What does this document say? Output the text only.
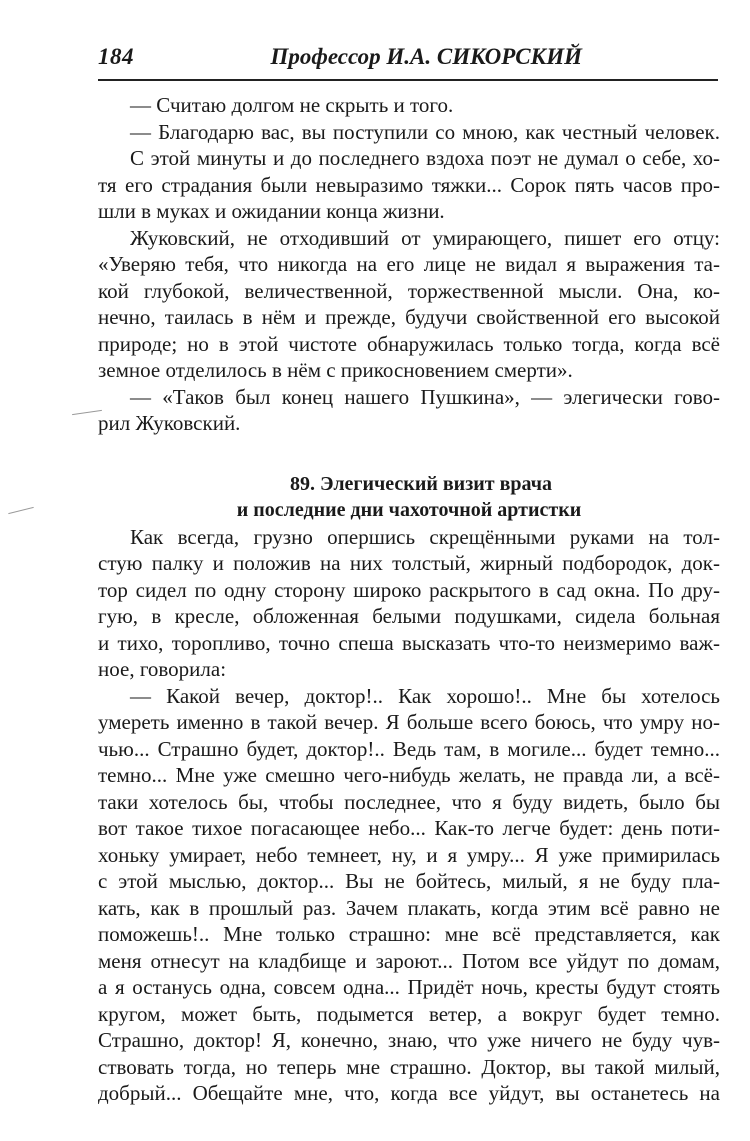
184	Профессор И.А. СИКОРСКИЙ
— Считаю долгом не скрыть и того.
— Благодарю вас, вы поступили со мною, как честный человек.
С этой минуты и до последнего вздоха поэт не думал о себе, хо-
тя его страдания были невыразимо тяжки... Сорок пять часов про-
шли в муках и ожидании конца жизни.
Жуковский, не отходивший от умирающего, пишет его отцу:
«Уверяю тебя, что никогда на его лице не видал я выражения та-
кой глубокой, величественной, торжественной мысли. Она, ко-
нечно, таилась в нём и прежде, будучи свойственной его высокой
природе; но в этой чистоте обнаружилась только тогда, когда всё
земное отделилось в нём с прикосновением смерти».
— «Таков был конец нашего Пушкина», — элегически гово-
рил Жуковский.
89. Элегический визит врача
и последние дни чахоточной артистки
Как всегда, грузно опершись скрещёнными руками на тол-
стую палку и положив на них толстый, жирный подбородок, док-
тор сидел по одну сторону широко раскрытого в сад окна. По дру-
гую, в кресле, обложенная белыми подушками, сидела больная
и тихо, торопливо, точно спеша высказать что-то неизмеримо важ-
ное, говорила:
— Какой вечер, доктор!.. Как хорошо!.. Мне бы хотелось
умереть именно в такой вечер. Я больше всего боюсь, что умру но-
чью... Страшно будет, доктор!.. Ведь там, в могиле... будет темно...
темно... Мне уже смешно чего-нибудь желать, не правда ли, а всё-
таки хотелось бы, чтобы последнее, что я буду видеть, было бы
вот такое тихое погасающее небо... Как-то легче будет: день поти-
хоньку умирает, небо темнеет, ну, и я умру... Я уже примирилась
с этой мыслью, доктор... Вы не бойтесь, милый, я не буду пла-
кать, как в прошлый раз. Зачем плакать, когда этим всё равно не
поможешь!.. Мне только страшно: мне всё представляется, как
меня отнесут на кладбище и зароют... Потом все уйдут по домам,
а я останусь одна, совсем одна... Придёт ночь, кресты будут стоять
кругом, может быть, подымется ветер, а вокруг будет темно.
Страшно, доктор! Я, конечно, знаю, что уже ничего не буду чув-
ствовать тогда, но теперь мне страшно. Доктор, вы такой милый,
добрый... Обещайте мне, что, когда все уйдут, вы останетесь на
